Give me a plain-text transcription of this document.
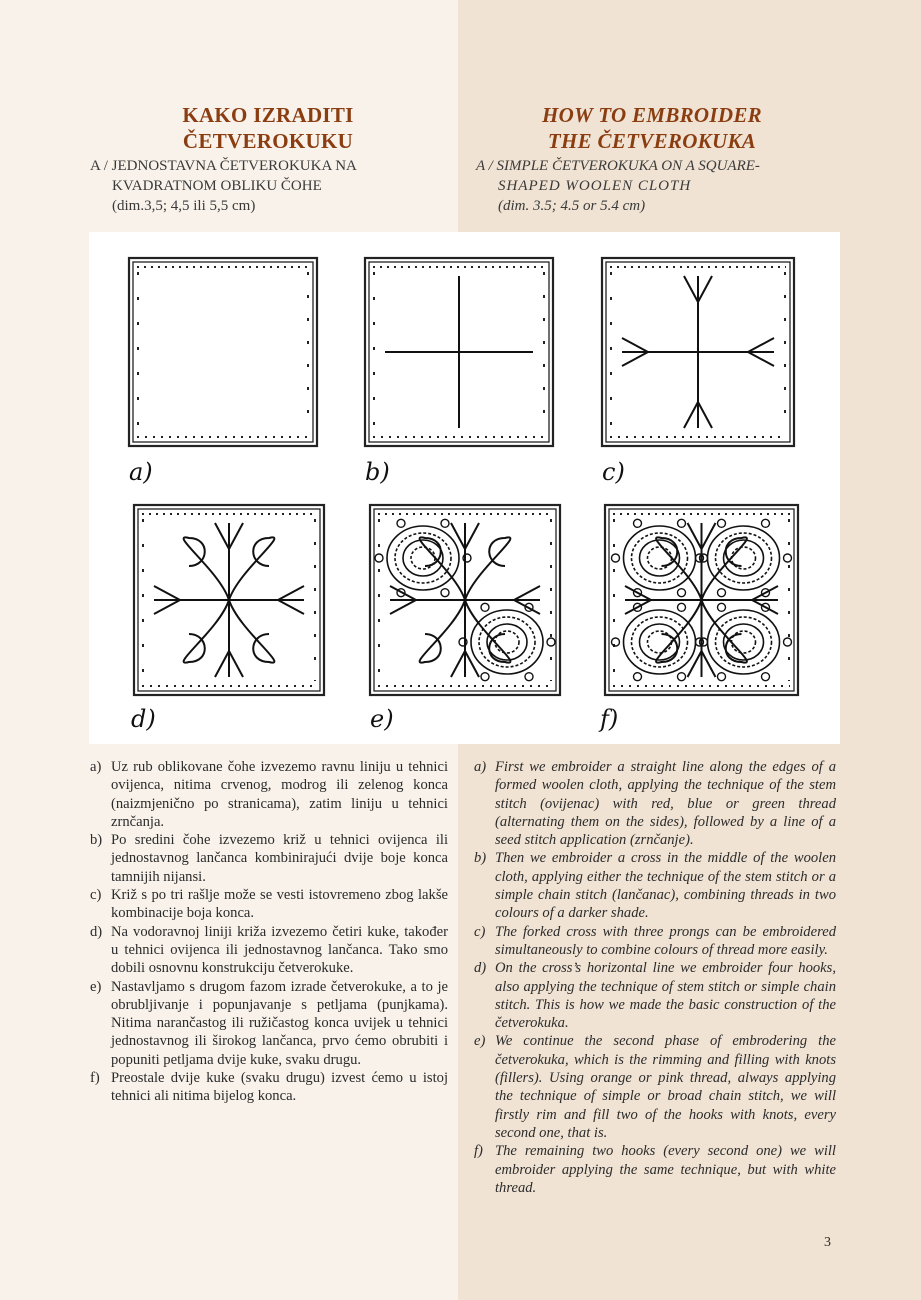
KAKO IZRADITI
ČETVEROKUKU
HOW TO EMBROIDER
THE ČETVEROKUKA
A / JEDNOSTAVNA ČETVEROKUKA NA
KVADRATNOM OBLIKU ČOHE
(dim.3,5; 4,5 ili 5,5 cm)
A / SIMPLE ČETVEROKUKA ON A SQUARE-
SHAPED WOOLEN CLOTH
(dim. 3.5; 4.5 or 5.4 cm)
a)	b)	c)
d)	e)	f)
a) Uz rub oblikovane čohe izvezemo ravnu liniju u tehnici ovijenca, nitima crvenog, modrog ili zelenog konca (naizmjenično po stranicama), zatim liniju u tehnici zrnčanja.
b) Po sredini čohe izvezemo križ u tehnici ovijenca ili jednostavnog lančanca kombinirajući dvije boje konca tamnijih nijansi.
c) Križ s po tri rašlje može se vesti istovremeno zbog lakše kombinacije boja konca.
d) Na vodoravnoj liniji križa izvezemo četiri kuke, također u tehnici ovijenca ili jednostavnog lančanca. Tako smo dobili osnovnu konstrukciju četverokuke.
e) Nastavljamo s drugom fazom izrade četverokuke, a to je obrubljivanje i popunjavanje s petljama (punjkama). Nitima narančastog ili ružičastog konca uvijek u tehnici jednostavnog ili širokog lančanca, prvo ćemo obrubiti i popuniti petljama dvije kuke, svaku drugu.
f) Preostale dvije kuke (svaku drugu) izvest ćemo u istoj tehnici ali nitima bijelog konca.
a) First we embroider a straight line along the edges of a formed woolen cloth, applying the technique of the stem stitch (ovijenac) with red, blue or green thread (alternating them on the sides), followed by a line of a seed stitch application (zrnčanje).
b) Then we embroider a cross in the middle of the woolen cloth, applying either the technique of the stem stitch or a simple chain stitch (lančanac), combining threads in two colours of a darker shade.
c) The forked cross with three prongs can be embroidered simultaneously to combine colours of thread more easily.
d) On the cross’s horizontal line we embroider four hooks, also applying the technique of stem stitch or simple chain stitch. This is how we made the basic construction of the četverokuka.
e) We continue the second phase of embrodering the četverokuka, which is the rimming and filling with knots (fillers). Using orange or pink thread, always applying the technique of simple or broad chain stitch, we will firstly rim and fill two of the hooks with knots, every second one, that is.
f) The remaining two hooks (every second one) we will embroider applying the same technique, but with white thread.
3
